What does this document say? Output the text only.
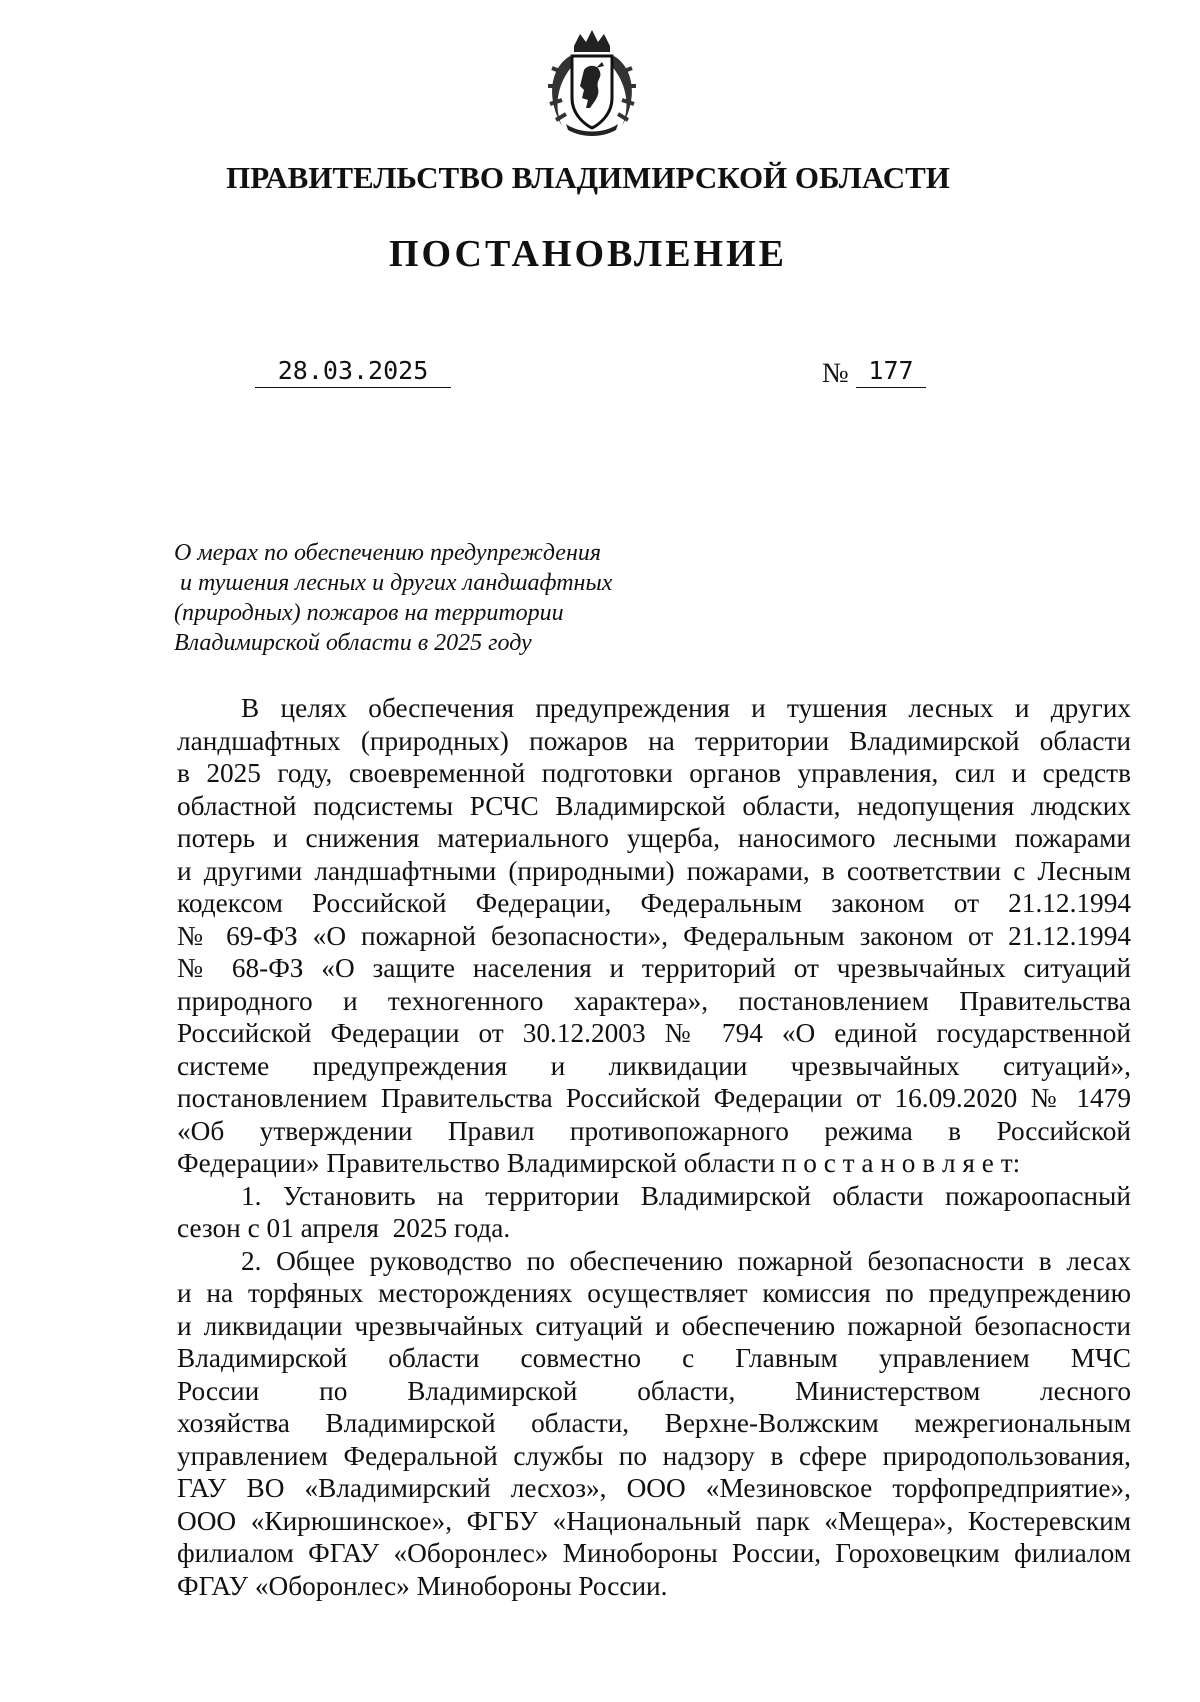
ПРАВИТЕЛЬСТВО ВЛАДИМИРСКОЙ ОБЛАСТИ
ПОСТАНОВЛЕНИЕ
28.03.2025	№ 177
О мерах по обеспечению предупреждения
и тушения лесных и других ландшафтных
(природных) пожаров на территории
Владимирской области в 2025 году
В целях обеспечения предупреждения и тушения лесных и других
ландшафтных (природных) пожаров на территории Владимирской области
в 2025 году, своевременной подготовки органов управления, сил и средств
областной подсистемы РСЧС Владимирской области, недопущения людских
потерь и снижения материального ущерба, наносимого лесными пожарами
и другими ландшафтными (природными) пожарами, в соответствии с Лесным
кодексом Российской Федерации, Федеральным законом от 21.12.1994
№ 69-ФЗ «О пожарной безопасности», Федеральным законом от 21.12.1994
№ 68-ФЗ «О защите населения и территорий от чрезвычайных ситуаций
природного и техногенного характера», постановлением Правительства
Российской Федерации от 30.12.2003 № 794 «О единой государственной
системе предупреждения и ликвидации чрезвычайных ситуаций»,
постановлением Правительства Российской Федерации от 16.09.2020 № 1479
«Об утверждении Правил противопожарного режима в Российской
Федерации» Правительство Владимирской области п о с т а н о в л я е т:
1. Установить на территории Владимирской области пожароопасный
сезон с 01 апреля  2025 года.
2. Общее руководство по обеспечению пожарной безопасности в лесах
и на торфяных месторождениях осуществляет комиссия по предупреждению
и ликвидации чрезвычайных ситуаций и обеспечению пожарной безопасности
Владимирской области совместно с Главным управлением МЧС
России по Владимирской области, Министерством лесного
хозяйства Владимирской области, Верхне-Волжским межрегиональным
управлением Федеральной службы по надзору в сфере природопользования,
ГАУ ВО «Владимирский лесхоз», ООО «Мезиновское торфопредприятие»,
ООО «Кирюшинское», ФГБУ «Национальный парк «Мещера», Костеревским
филиалом ФГАУ «Оборонлес» Минобороны России, Гороховецким филиалом
ФГАУ «Оборонлес» Минобороны России.
